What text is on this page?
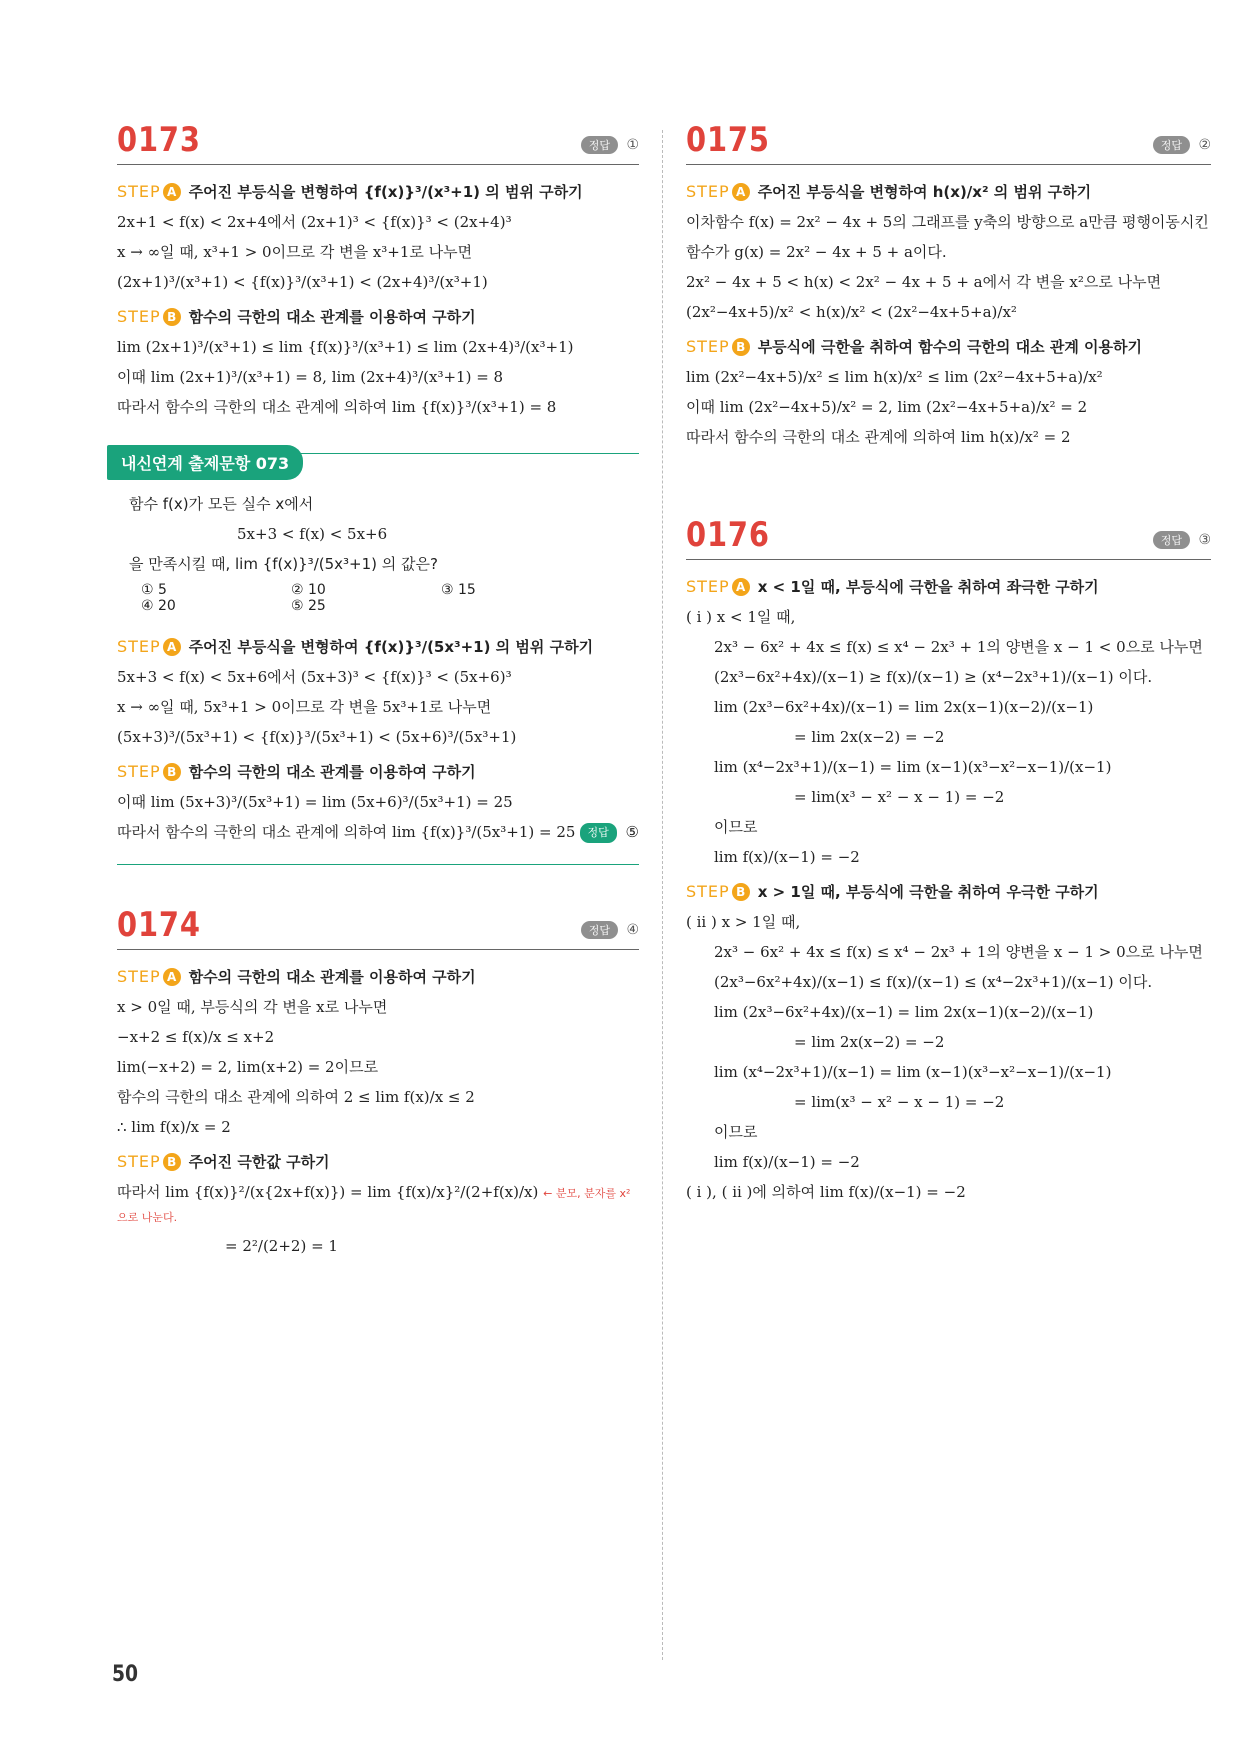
0173	정답 ①
STEP A 주어진 부등식을 변형하여 {f(x)}³/(x³+1) 의 범위 구하기
2x+1 < f(x) < 2x+4에서 (2x+1)³ < {f(x)}³ < (2x+4)³
x → ∞일 때, x³+1 > 0이므로 각 변을 x³+1로 나누면
(2x+1)³/(x³+1) < {f(x)}³/(x³+1) < (2x+4)³/(x³+1)
STEP B 함수의 극한의 대소 관계를 이용하여 구하기
lim (2x+1)³/(x³+1) ≤ lim {f(x)}³/(x³+1) ≤ lim (2x+4)³/(x³+1)
이때 lim (2x+1)³/(x³+1) = 8, lim (2x+4)³/(x³+1) = 8
따라서 함수의 극한의 대소 관계에 의하여 lim {f(x)}³/(x³+1) = 8
내신연계 출제문항 073
함수 f(x)가 모든 실수 x에서
5x+3 < f(x) < 5x+6
을 만족시킬 때, lim {f(x)}³/(5x³+1) 의 값은?
① 5	② 10	③ 15
④ 20	⑤ 25
STEP A 주어진 부등식을 변형하여 {f(x)}³/(5x³+1) 의 범위 구하기
5x+3 < f(x) < 5x+6에서 (5x+3)³ < {f(x)}³ < (5x+6)³
x → ∞일 때, 5x³+1 > 0이므로 각 변을 5x³+1로 나누면
(5x+3)³/(5x³+1) < {f(x)}³/(5x³+1) < (5x+6)³/(5x³+1)
STEP B 함수의 극한의 대소 관계를 이용하여 구하기
이때 lim (5x+3)³/(5x³+1) = lim (5x+6)³/(5x³+1) = 25
따라서 함수의 극한의 대소 관계에 의하여 lim {f(x)}³/(5x³+1) = 25	정답 ⑤
0174	정답 ④
STEP A 함수의 극한의 대소 관계를 이용하여 구하기
x > 0일 때, 부등식의 각 변을 x로 나누면
−x+2 ≤ f(x)/x ≤ x+2
lim(−x+2) = 2, lim(x+2) = 2이므로
함수의 극한의 대소 관계에 의하여 2 ≤ lim f(x)/x ≤ 2
∴ lim f(x)/x = 2
STEP B 주어진 극한값 구하기
따라서 lim {f(x)}²/(x{2x+f(x)}) = lim {f(x)/x}²/(2+f(x)/x) ← 분모, 분자를 x²으로 나눈다.
= 2²/(2+2) = 1
0175	정답 ②
STEP A 주어진 부등식을 변형하여 h(x)/x² 의 범위 구하기
이차함수 f(x) = 2x² − 4x + 5의 그래프를 y축의 방향으로 a만큼 평행이동시킨
함수가 g(x) = 2x² − 4x + 5 + a이다.
2x² − 4x + 5 < h(x) < 2x² − 4x + 5 + a에서 각 변을 x²으로 나누면
(2x²−4x+5)/x² < h(x)/x² < (2x²−4x+5+a)/x²
STEP B 부등식에 극한을 취하여 함수의 극한의 대소 관계 이용하기
lim (2x²−4x+5)/x² ≤ lim h(x)/x² ≤ lim (2x²−4x+5+a)/x²
이때 lim (2x²−4x+5)/x² = 2, lim (2x²−4x+5+a)/x² = 2
따라서 함수의 극한의 대소 관계에 의하여 lim h(x)/x² = 2
0176	정답 ③
STEP A x < 1일 때, 부등식에 극한을 취하여 좌극한 구하기
( i ) x < 1일 때,
2x³ − 6x² + 4x ≤ f(x) ≤ x⁴ − 2x³ + 1의 양변을 x − 1 < 0으로 나누면
(2x³−6x²+4x)/(x−1) ≥ f(x)/(x−1) ≥ (x⁴−2x³+1)/(x−1) 이다.
lim (2x³−6x²+4x)/(x−1) = lim 2x(x−1)(x−2)/(x−1)
= lim 2x(x−2) = −2
lim (x⁴−2x³+1)/(x−1) = lim (x−1)(x³−x²−x−1)/(x−1)
= lim(x³ − x² − x − 1) = −2
이므로
lim f(x)/(x−1) = −2
STEP B x > 1일 때, 부등식에 극한을 취하여 우극한 구하기
( ii ) x > 1일 때,
2x³ − 6x² + 4x ≤ f(x) ≤ x⁴ − 2x³ + 1의 양변을 x − 1 > 0으로 나누면
(2x³−6x²+4x)/(x−1) ≤ f(x)/(x−1) ≤ (x⁴−2x³+1)/(x−1) 이다.
lim (2x³−6x²+4x)/(x−1) = lim 2x(x−1)(x−2)/(x−1)
= lim 2x(x−2) = −2
lim (x⁴−2x³+1)/(x−1) = lim (x−1)(x³−x²−x−1)/(x−1)
= lim(x³ − x² − x − 1) = −2
이므로
lim f(x)/(x−1) = −2
( i ), ( ii )에 의하여 lim f(x)/(x−1) = −2
50
